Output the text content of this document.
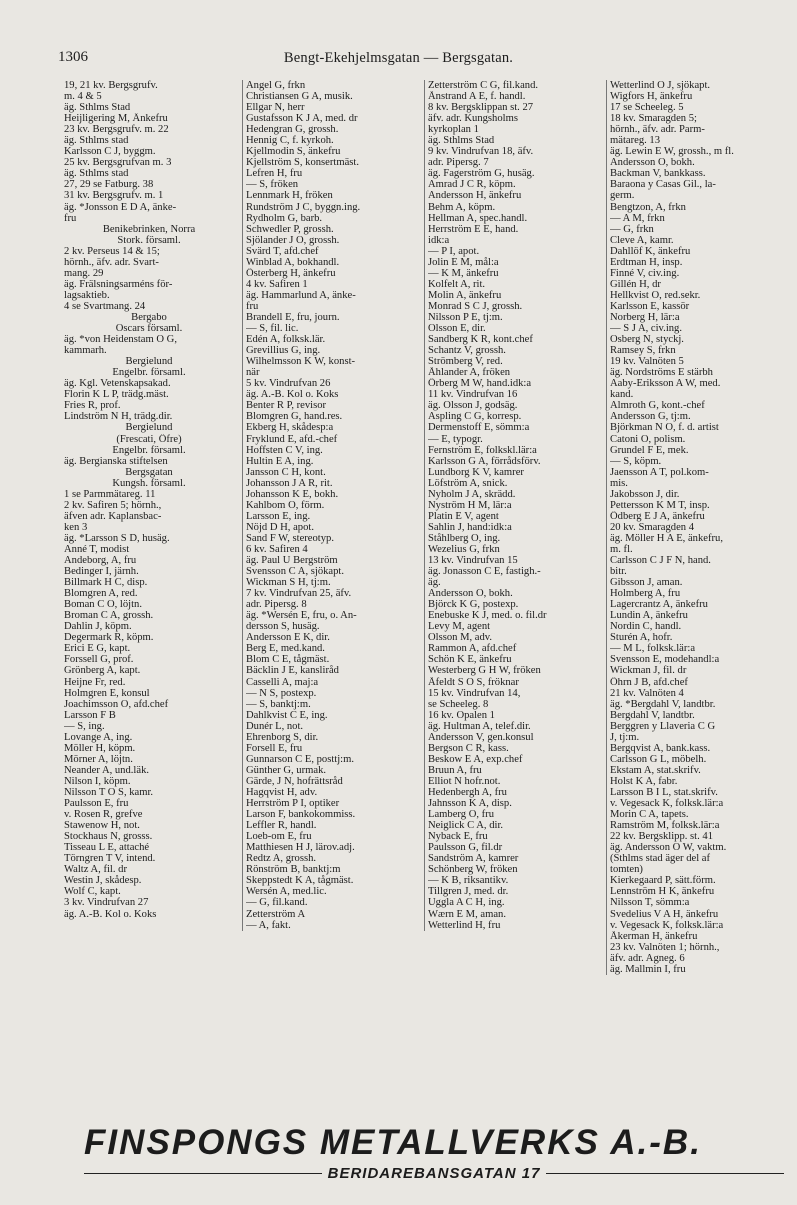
1306	Bengt-Ekehjelmsgatan — Bergsgatan.
19, 21 kv. Bergsgrufv.
m. 4 & 5
äg. Sthlms Stad
Heijligering M, Änkefru
23 kv. Bergsgrufv. m. 22
äg. Sthlms stad
Karlsson C J, byggm.
25 kv. Bergsgrufvan m. 3
äg. Sthlms stad
27, 29 se Fatburg. 38
31 kv. Bergsgrufv. m. 1
äg. *Jonsson E D A, änke-
fru
Benikebrinken, Norra
Stork. församl.
2 kv. Perseus 14 & 15;
hörnh., äfv. adr. Svart-
mang. 29
äg. Frälsningsarméns för-
lagsaktieb.
4 se Svartmang. 24
Bergabo
Oscars församl.
äg. *von Heidenstam O G,
kammarh.
Bergielund
Engelbr. församl.
äg. Kgl. Vetenskapsakad.
Florin K L P, trädg.mäst.
Fries R, prof.
Lindström N H, trädg.dir.
Bergielund
(Frescati, Öfre)
Engelbr. församl.
äg. Bergianska stiftelsen
Bergsgatan
Kungsh. församl.
1 se Parmmätareg. 11
2 kv. Safiren 5; hörnh.,
äfven adr. Kaplansbac-
ken 3
äg. *Larsson S D, husäg.
Anné T, modist
Andeborg, A, fru
Bedinger I, järnh.
Billmark H C, disp.
Blomgren A, red.
Boman C O, löjtn.
Broman C A, grossh.
Dahlin J, köpm.
Degermark R, köpm.
Erici E G, kapt.
Forssell G, prof.
Grönberg A, kapt.
Heijne Fr, red.
Holmgren E, konsul
Joachimsson O, afd.chef
Larsson F B
— S, ing.
Lovange A, ing.
Möller H, köpm.
Mörner A, löjtn.
Neander A, und.läk.
Nilson I, köpm.
Nilsson T O S, kamr.
Paulsson E, fru
v. Rosen R, grefve
Stawenow H, not.
Stockhaus N, grosss.
Tisseau L E, attaché
Törngren T V, intend.
Waltz A, fil. dr
Westin J, skådesp.
Wolf C, kapt.
3 kv. Vindrufvan 27
äg. A.-B. Kol o. Koks
Angel G, frkn
Christiansen G A, musik.
Ellgar N, herr
Gustafsson K J A, med. dr
Hedengran G, grossh.
Hennig C, f. kyrkoh.
Kjellmodin S, änkefru
Kjellström S, konsertmäst.
Lefren H, fru
— S, fröken
Lennmark H, fröken
Rundström J C, byggn.ing.
Rydholm G, barb.
Schwedler P, grossh.
Sjölander J O, grossh.
Svärd T, afd.chef
Winblad A, bokhandl.
Österberg H, änkefru
4 kv. Safiren 1
äg. Hammarlund A, änke-
fru
Brandell E, fru, journ.
— S, fil. lic.
Edén A, folksk.lär.
Grevillius G, ing.
Wilhelmsson K W, konst-
när
5 kv. Vindrufvan 26
äg. A.-B. Kol o. Koks
Benter R P, revisor
Blomgren G, hand.res.
Ekberg H, skådesp:a
Fryklund E, afd.-chef
Hoffsten C V, ing.
Hultin E A, ing.
Jansson C H, kont.
Johansson J A R, rit.
Johansson K E, bokh.
Kahlbom O, förm.
Larsson E, ing.
Nöjd D H, apot.
Sand F W, stereotyp.
6 kv. Safiren 4
äg. Paul U Bergström
Svensson C A, sjökapt.
Wickman S H, tj:m.
7 kv. Vindrufvan 25, äfv.
adr. Pipersg. 8
äg. *Wersén E, fru, o. An-
dersson S, husäg.
Andersson E K, dir.
Berg E, med.kand.
Blom C E, tågmäst.
Bäcklin J E, kansliråd
Casselli A, maj:a
— N S, postexp.
— S, banktj:m.
Dahlkvist C E, ing.
Dunér L, not.
Ehrenborg S, dir.
Forsell E, fru
Gunnarson C E, posttj:m.
Günther G, urmak.
Gärde, J N, hofrättsråd
Hagqvist H, adv.
Herrström P I, optiker
Larson F, bankokommiss.
Leffler R, handl.
Loeb-om E, fru
Matthiesen H J, lärov.adj.
Redtz A, grossh.
Rönström B, banktj:m
Skeppstedt K A, tågmäst.
Wersén A, med.lic.
— G, fil.kand.
Zetterström A
— A, fakt.
Zetterström C G, fil.kand.
Ånstrand A E, f. handl.
8 kv. Bergsklippan st. 27
äfv. adr. Kungsholms
kyrkoplan 1
äg. Sthlms Stad
9 kv. Vindrufvan 18, äfv.
adr. Pipersg. 7
äg. Fagerström G, husäg.
Amrad J C R, köpm.
Andersson H, änkefru
Behm A, köpm.
Hellman A, spec.handl.
Herrström E E, hand.
idk:a
— P I, apot.
Jolin E M, mål:a
— K M, änkefru
Kolfelt A, rit.
Molin A, änkefru
Monrad S C J, grossh.
Nilsson P E, tj:m.
Olsson E, dir.
Sandberg K R, kont.chef
Schantz V, grossh.
Strömberg V, red.
Åhlander A, fröken
Örberg M W, hand.idk:a
11 kv. Vindrufvan 16
äg. Olsson J, godsäg.
Aspling C G, korresp.
Dermenstoff E, sömm:a
— E, typogr.
Fernström E, folkskl.lär:a
Karlsson G A, förrådsförv.
Lundborg K V, kamrer
Löfström A, snick.
Nyholm J A, skrädd.
Nyström H M, lär:a
Platin E V, agent
Sahlin J, hand:idk:a
Ståhlberg O, ing.
Wezelius G, frkn
13 kv. Vindrufvan 15
äg. Jonasson C E, fastigh.-
äg.
Andersson O, bokh.
Björck K G, postexp.
Enebuske K J, med. o. fil.dr
Levy M, agent
Olsson M, adv.
Rammon A, afd.chef
Schön K E, änkefru
Westerberg G H W, fröken
Åfeldt S O S, fröknar
15 kv. Vindrufvan 14,
se Scheeleg. 8
16 kv. Opalen 1
äg. Hultman A, telef.dir.
Andersson V, gen.konsul
Bergson C R, kass.
Beskow E A, exp.chef
Bruun A, fru
Elliot N hofr.not.
Hedenbergh A, fru
Jahnsson K A, disp.
Lamberg O, fru
Neiglick C A, dir.
Nyback E, fru
Paulsson G, fil.dr
Sandström A, kamrer
Schönberg W, fröken
— K B, riksantikv.
Tillgren J, med. dr.
Uggla A C H, ing.
Wærn E M, aman.
Wetterlind H, fru
Wetterlind O J, sjökapt.
Wigfors H, änkefru
17 se Scheeleg. 5
18 kv. Smaragden 5;
hörnh., äfv. adr. Parm-
mätareg. 13
äg. Lewin E W, grossh., m fl.
Andersson O, bokh.
Backman V, bankkass.
Baraona y Casas Gil., la-
germ.
Bengtzon, A, frkn
— A M, frkn
— G, frkn
Cleve A, kamr.
Dahllöf K, änkefru
Erdtman H, insp.
Finné V, civ.ing.
Gillén H, dr
Hellkvist O, red.sekr.
Karlsson E, kassör
Norberg H, lär:a
— S J A, civ.ing.
Osberg N, styckj.
Ramsey S, frkn
19 kv. Valnöten 5
äg. Nordströms E stärbh
Aaby-Eriksson A W, med.
kand.
Almroth G, kont.-chef
Andersson G, tj:m.
Björkman N O, f. d. artist
Catoni O, polism.
Grundel F E, mek.
— S, köpm.
Jaensson A T, pol.kom-
mis.
Jakobsson J, dir.
Pettersson K M T, insp.
Ödberg E J A, änkefru
20 kv. Smaragden 4
äg. Möller H A E, änkefru,
m. fl.
Carlsson C J F N, hand.
bitr.
Gibsson J, aman.
Holmberg A, fru
Lagercrantz A, änkefru
Lundin A, änkefru
Nordin C, handl.
Sturén A, hofr.
— M L, folksk.lär:a
Svensson E, modehandl:a
Wickman J, fil. dr
Öhrn J B, afd.chef
21 kv. Valnöten 4
äg. *Bergdahl V, landtbr.
Bergdahl V, landtbr.
Berggren y Llaveria C G
J, tj:m.
Bergqvist A, bank.kass.
Carlsson G L, möbelh.
Ekstam A, stat.skrifv.
Holst K A, fabr.
Larsson B I L, stat.skrifv.
v. Vegesack K, folksk.lär:a
Morin C A, tapets.
Ramström M, folksk.lär:a
22 kv. Bergsklipp. st. 41
äg. Andersson O W, vaktm.
(Sthlms stad äger del af
tomten)
Kierkegaard P, sätt.förm.
Lennström H K, änkefru
Nilsson T, sömm:a
Svedelius V A H, änkefru
v. Vegesack K, folksk.lär:a
Åkerman H, änkefru
23 kv. Valnöten 1; hörnh.,
äfv. adr. Agneg. 6
äg. Mallmin I, fru
FINSPONGS METALLVERKS A.-B.
BERIDAREBANSGATAN 17
